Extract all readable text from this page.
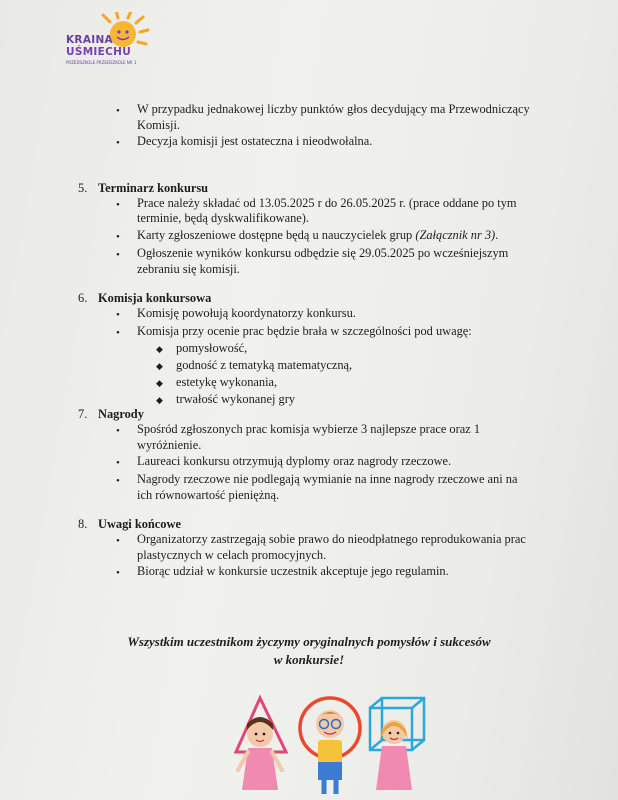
KRAINA
UŚMIECHU
PRZEDSZKOLE PRZEDSZKOLE NR 1
• W przypadku jednakowej liczby punktów głos decydujący ma Przewodniczący
Komisji.
• Decyzja komisji jest ostateczna i nieodwołalna.
5. Terminarz konkursu
• Prace należy składać od 13.05.2025 r do 26.05.2025 r. (prace oddane po tym
terminie, będą dyskwalifikowane).
• Karty zgłoszeniowe dostępne będą u nauczycielek grup (Załącznik nr 3).
• Ogłoszenie wyników konkursu odbędzie się 29.05.2025 po wcześniejszym
zebraniu się komisji.
6. Komisja konkursowa
• Komisję powołują koordynatorzy konkursu.
• Komisja przy ocenie prac będzie brała w szczególności pod uwagę:
◆ pomysłowość,
◆ godność z tematyką matematyczną,
◆ estetykę wykonania,
◆ trwałość wykonanej gry
7. Nagrody
• Spośród zgłoszonych prac komisja wybierze 3 najlepsze prace oraz 1
wyróżnienie.
• Laureaci konkursu otrzymują dyplomy oraz nagrody rzeczowe.
• Nagrody rzeczowe nie podlegają wymianie na inne nagrody rzeczowe ani na
ich równowartość pieniężną.
8. Uwagi końcowe
• Organizatorzy zastrzegają sobie prawo do nieodpłatnego reprodukowania prac
plastycznych w celach promocyjnych.
• Biorąc udział w konkursie uczestnik akceptuje jego regulamin.
Wszystkim uczestnikom życzymy oryginalnych pomysłów i sukcesów
w konkursie!
